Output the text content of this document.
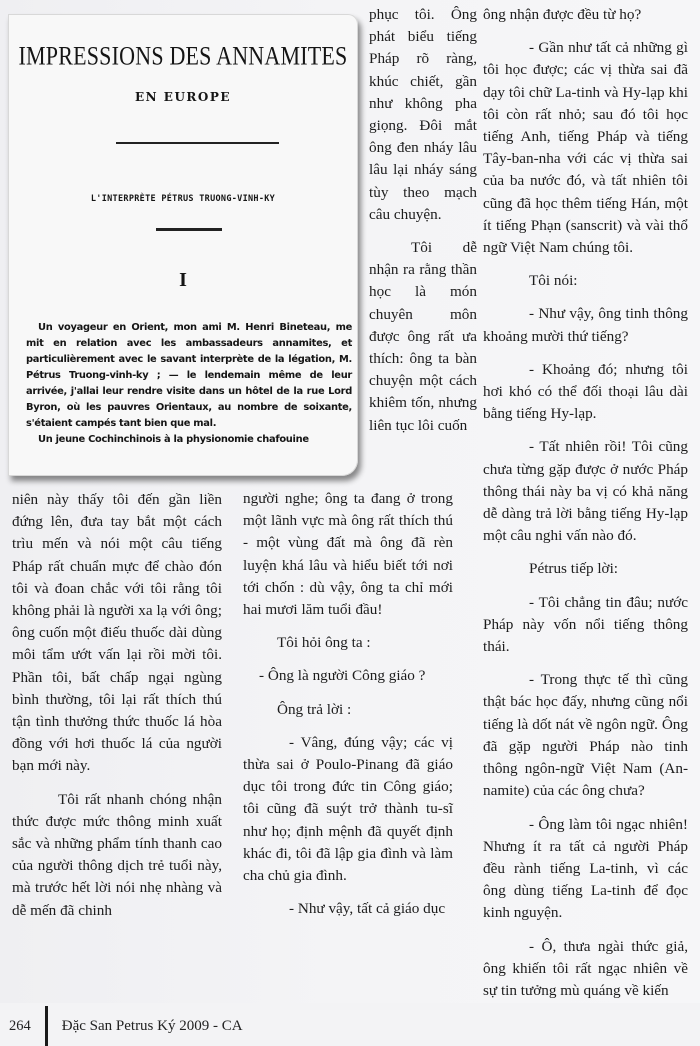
IMPRESSIONS DES ANNAMITES
EN EUROPE
L'INTERPRÈTE PÉTRUS TRUONG-VINH-KY
I

Un voyageur en Orient, mon ami M. Henri Bineteau, me mit en relation avec les ambassadeurs annamites, et particulièrement avec le savant interprète de la légation, M. Pétrus Truong-vinh-ky ; — le lendemain même de leur arrivée, j'allai leur rendre visite dans un hôtel de la rue Lord Byron, où les pauvres Orientaux, au nombre de soixante, s'étaient campés tant bien que mal.

Un jeune Cochinchinois à la physionomie chafouine

phục tôi. Ông phát biểu tiếng Pháp rõ ràng, khúc chiết, gần như không pha giọng. Đôi mắt ông đen nháy lâu lâu lại nháy sáng tùy theo mạch câu chuyện.

Tôi dễ nhận ra rằng thần học là món chuyên môn được ông rất ưa thích: ông ta bàn chuyện một cách khiêm tốn, nhưng liên tục lôi cuốn

niên này thấy tôi đến gần liền đứng lên, đưa tay bắt một cách trìu mến và nói một câu tiếng Pháp rất chuẩn mực để chào đón tôi và đoan chắc với tôi rằng tôi không phải là người xa lạ với ông; ông cuốn một điếu thuốc dài dùng môi tẩm ướt vấn lại rồi mời tôi. Phần tôi, bất chấp ngại ngùng bình thường, tôi lại rất thích thú tận tình thưởng thức thuốc lá hòa đồng với hơi thuốc lá của người bạn mới này.

Tôi rất nhanh chóng nhận thức được mức thông minh xuất sắc và những phẩm tính thanh cao của người thông dịch trẻ tuổi này, mà trước hết lời nói nhẹ nhàng và dễ mến đã chinh

người nghe; ông ta đang ở trong một lãnh vực mà ông rất thích thú - một vùng đất mà ông đã rèn luyện khá lâu và hiểu biết tới nơi tới chốn : dù vậy, ông ta chỉ mới hai mươi lăm tuổi đầu!

Tôi hỏi ông ta :

- Ông là người Công giáo ?

Ông trả lời :

- Vâng, đúng vậy; các vị thừa sai ở Poulo-Pinang đã giáo dục tôi trong đức tin Công giáo; tôi cũng đã suýt trở thành tu-sĩ như họ; định mệnh đã quyết định khác đi, tôi đã lập gia đình và làm cha chủ gia đình.

- Như vậy, tất cả giáo dục

ông nhận được đều từ họ?

- Gần như tất cả những gì tôi học được; các vị thừa sai đã dạy tôi chữ La-tinh và Hy-lạp khi tôi còn rất nhỏ; sau đó tôi học tiếng Anh, tiếng Pháp và tiếng Tây-ban-nha với các vị thừa sai của ba nước đó, và tất nhiên tôi cũng đã học thêm tiếng Hán, một ít tiếng Phạn (sanscrit) và vài thổ ngữ Việt Nam chúng tôi.

Tôi nói:

- Như vậy, ông tinh thông khoảng mười thứ tiếng?

- Khoảng đó; nhưng tôi hơi khó có thể đối thoại lâu dài bằng tiếng Hy-lạp.

- Tất nhiên rồi! Tôi cũng chưa từng gặp được ở nước Pháp thông thái này ba vị có khả năng dễ dàng trả lời bằng tiếng Hy-lạp một câu nghi vấn nào đó.

Pétrus tiếp lời:

- Tôi chẳng tin đâu; nước Pháp này vốn nổi tiếng thông thái.

- Trong thực tế thì cũng thật bác học đấy, nhưng cũng nổi tiếng là dốt nát về ngôn ngữ. Ông đã gặp người Pháp nào tinh thông ngôn-ngữ Việt Nam (An-namite) của các ông chưa?

- Ông làm tôi ngạc nhiên! Nhưng ít ra tất cả người Pháp đều rành tiếng La-tinh, vì các ông dùng tiếng La-tinh để đọc kinh nguyện.

- Ô, thưa ngài thức giả, ông khiến tôi rất ngạc nhiên về sự tin tưởng mù quáng về kiến

264 Đặc San Petrus Ký 2009 - CA
